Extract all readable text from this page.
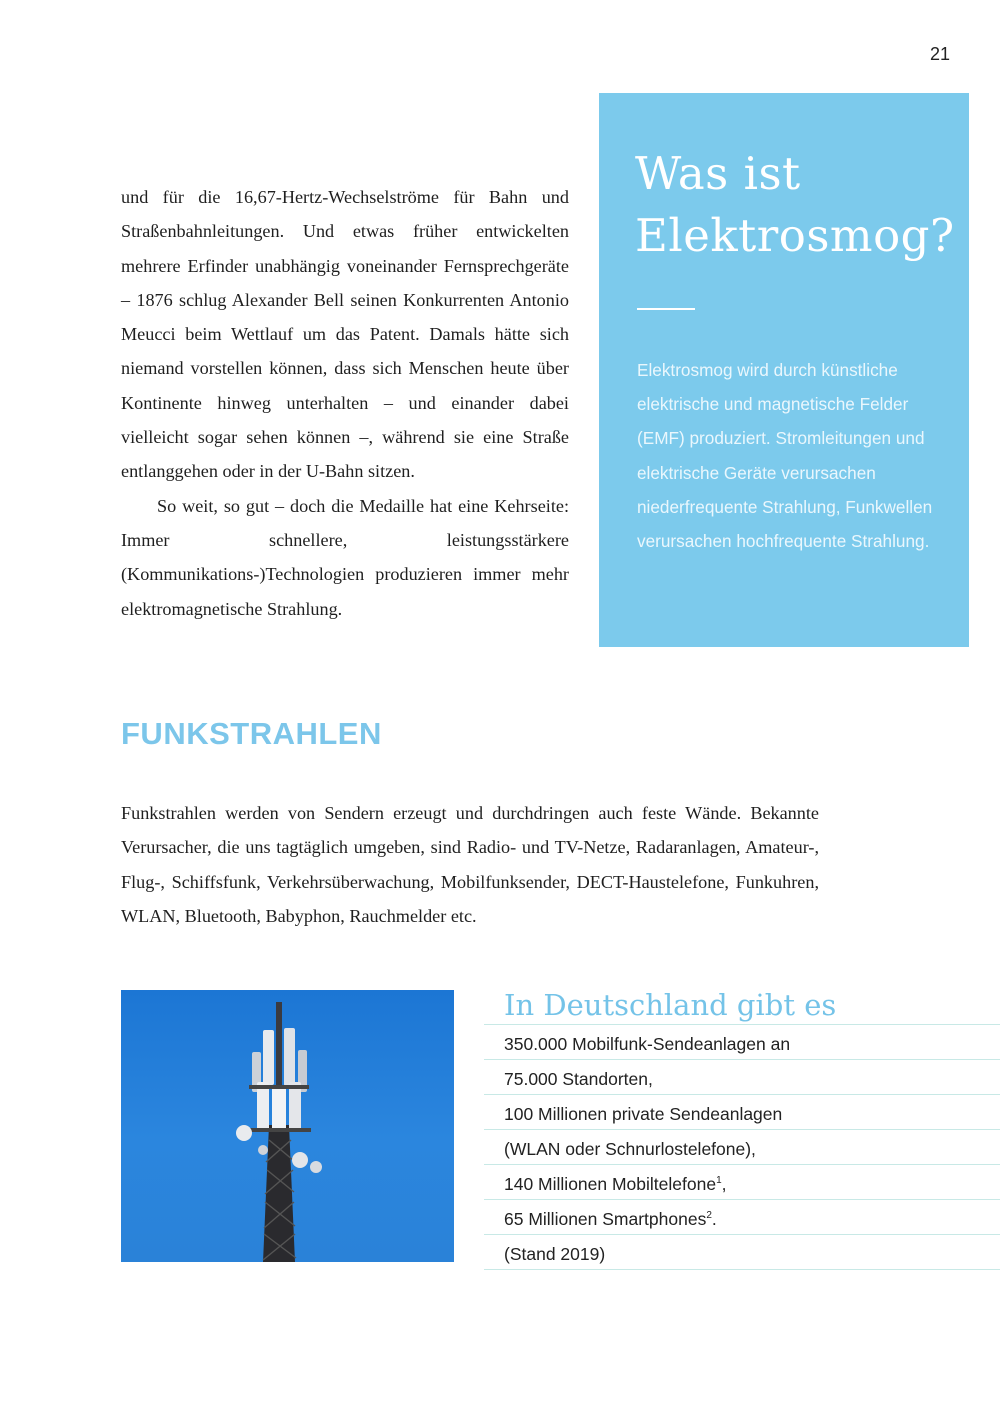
21

und für die 16,67-Hertz-Wechselströme für Bahn und Straßenbahnleitungen. Und etwas früher entwickelten mehrere Erfinder unabhängig voneinander Fernsprechgeräte – 1876 schlug Alexander Bell seinen Konkurrenten Antonio Meucci beim Wettlauf um das Patent. Damals hätte sich niemand vorstellen können, dass sich Menschen heute über Kontinente hinweg unterhalten – und einander dabei vielleicht sogar sehen können –, während sie eine Straße entlanggehen oder in der U-Bahn sitzen.

So weit, so gut – doch die Medaille hat eine Kehrseite: Immer schnellere, leistungsstärkere (Kommunikations-)Technologien produzieren immer mehr elektromagnetische Strahlung.

Was ist Elektrosmog?

Elektrosmog wird durch künstliche elektrische und magnetische Felder (EMF) produziert. Stromleitungen und elektrische Geräte verursachen niederfrequente Strahlung, Funkwellen verursachen hochfrequente Strahlung.

FUNKSTRAHLEN

Funkstrahlen werden von Sendern erzeugt und durchdringen auch feste Wände. Bekannte Verursacher, die uns tagtäglich umgeben, sind Radio- und TV-Netze, Radaranlagen, Amateur-, Flug-, Schiffsfunk, Verkehrsüberwachung, Mobilfunksender, DECT-Haustelefone, Funkuhren, WLAN, Bluetooth, Babyphon, Rauchmelder etc.

In Deutschland gibt es
350.000 Mobilfunk-Sendeanlagen an
75.000 Standorten,
100 Millionen private Sendeanlagen
(WLAN oder Schnurlostelefone),
140 Millionen Mobiltelefone$^1$,
65 Millionen Smartphones$^2$.
(Stand 2019)
